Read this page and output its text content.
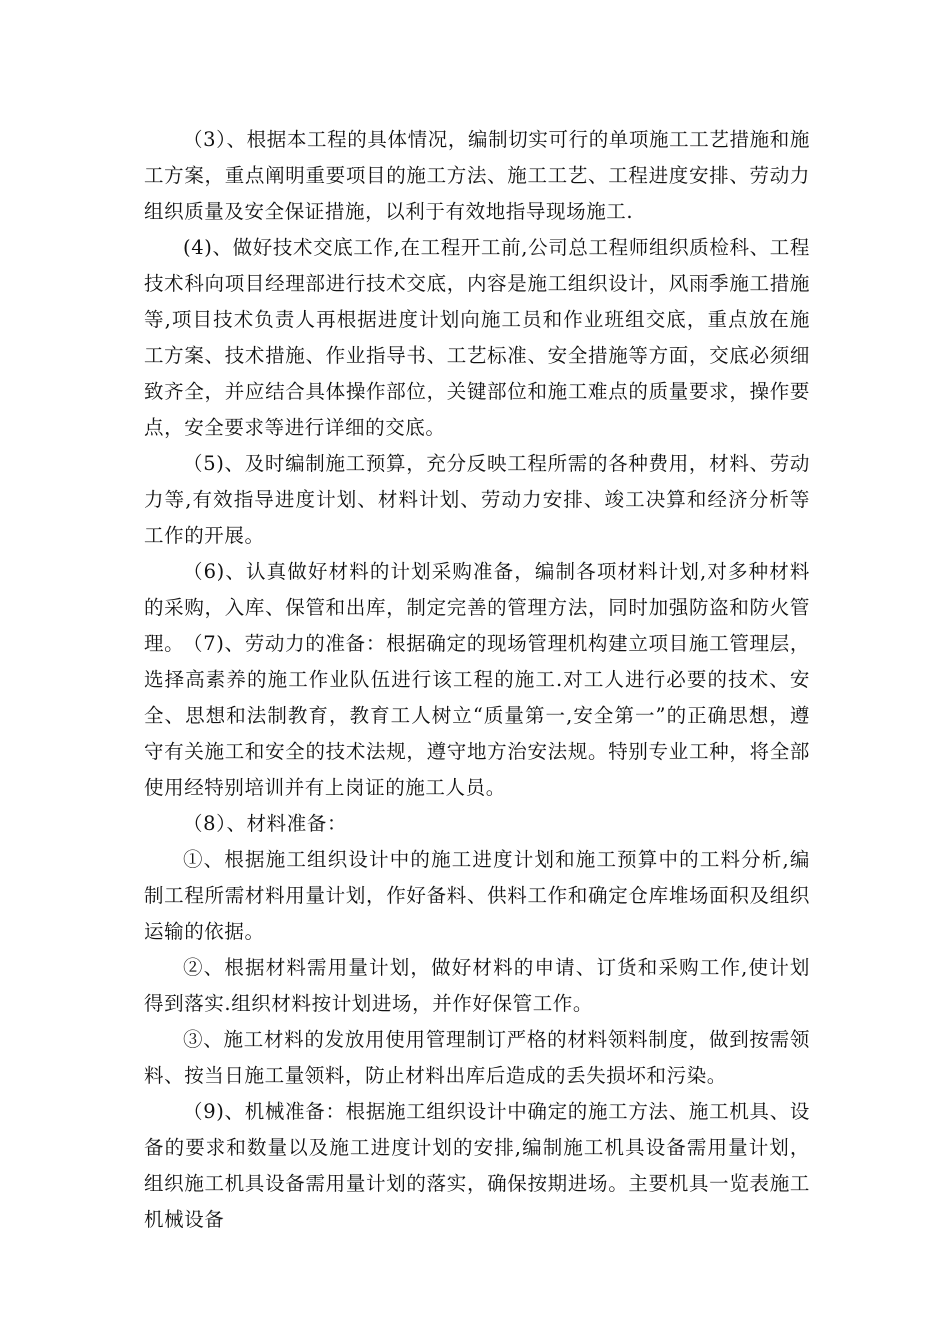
（3）、根据本工程的具体情况，编制切实可行的单项施工工艺措施和施工方案，重点阐明重要项目的施工方法、施工工艺、工程进度安排、劳动力组织质量及安全保证措施，以利于有效地指导现场施工.

(4)、做好技术交底工作,在工程开工前,公司总工程师组织质检科、工程技术科向项目经理部进行技术交底，内容是施工组织设计，风雨季施工措施等,项目技术负责人再根据进度计划向施工员和作业班组交底，重点放在施工方案、技术措施、作业指导书、工艺标准、安全措施等方面，交底必须细致齐全，并应结合具体操作部位，关键部位和施工难点的质量要求，操作要点，安全要求等进行详细的交底。

（5)、及时编制施工预算，充分反映工程所需的各种费用，材料、劳动力等,有效指导进度计划、材料计划、劳动力安排、竣工决算和经济分析等工作的开展。

（6)、认真做好材料的计划采购准备，编制各项材料计划,对多种材料的采购，入库、保管和出库，制定完善的管理方法，同时加强防盗和防火管理。

（7)、劳动力的准备：根据确定的现场管理机构建立项目施工管理层，选择高素养的施工作业队伍进行该工程的施工.对工人进行必要的技术、安全、思想和法制教育，教育工人树立“质量第一,安全第一”的正确思想，遵守有关施工和安全的技术法规，遵守地方治安法规。特别专业工种，将全部使用经特别培训并有上岗证的施工人员。

（8）、材料准备：

①、根据施工组织设计中的施工进度计划和施工预算中的工料分析,编制工程所需材料用量计划，作好备料、供料工作和确定仓库堆场面积及组织运输的依据。

②、根据材料需用量计划，做好材料的申请、订货和采购工作,使计划得到落实.组织材料按计划进场，并作好保管工作。

③、施工材料的发放用使用管理制订严格的材料领料制度，做到按需领料、按当日施工量领料，防止材料出库后造成的丢失损坏和污染。

（9)、机械准备：根据施工组织设计中确定的施工方法、施工机具、设备的要求和数量以及施工进度计划的安排,编制施工机具设备需用量计划，组织施工机具设备需用量计划的落实，确保按期进场。主要机具一览表施工机械设备
